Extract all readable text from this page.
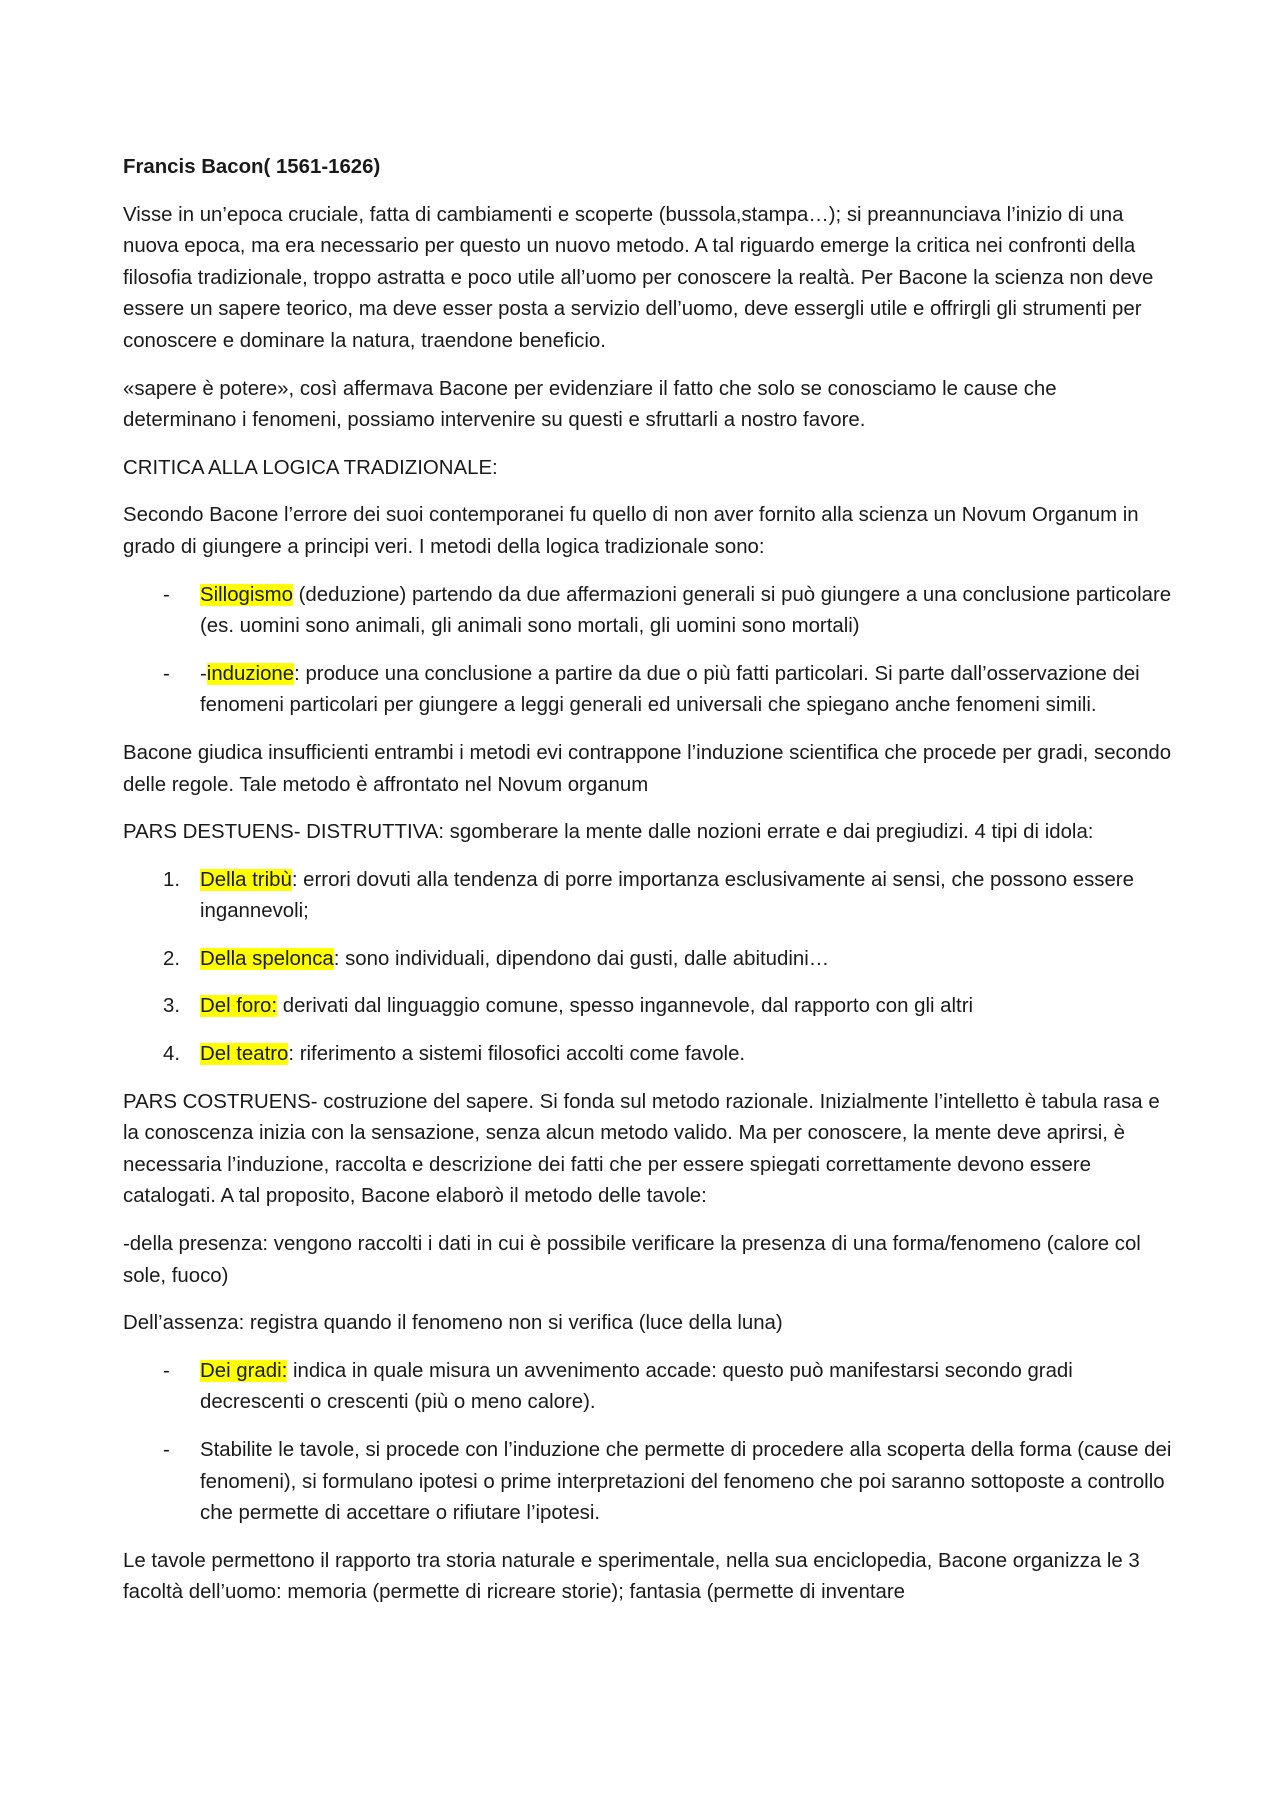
Francis Bacon( 1561-1626)

Visse in un’epoca cruciale, fatta di cambiamenti e scoperte (bussola,stampa…); si preannunciava l’inizio di una nuova epoca, ma era necessario per questo un nuovo metodo. A tal riguardo emerge la critica nei confronti della filosofia tradizionale, troppo astratta e poco utile all’uomo per conoscere la realtà. Per Bacone la scienza non deve essere un sapere teorico, ma deve esser posta a servizio dell’uomo, deve essergli utile e offrirgli gli strumenti per conoscere e dominare la natura, traendone beneficio.

«sapere è potere», così affermava Bacone per evidenziare il fatto che solo se conosciamo le cause che determinano i fenomeni, possiamo intervenire su questi e sfruttarli a nostro favore.

CRITICA ALLA LOGICA TRADIZIONALE:

Secondo Bacone l’errore dei suoi contemporanei fu quello di non aver fornito alla scienza un Novum Organum in grado di giungere a principi veri. I metodi della logica tradizionale sono:

-	Sillogismo (deduzione) partendo da due affermazioni generali si può giungere a una conclusione particolare (es. uomini sono animali, gli animali sono mortali, gli uomini sono mortali)
-	-induzione: produce una conclusione a partire da due o più fatti particolari. Si parte dall’osservazione dei fenomeni particolari per giungere a leggi generali ed universali che spiegano anche fenomeni simili.

Bacone giudica insufficienti entrambi i metodi evi contrappone l’induzione scientifica che procede per gradi, secondo delle regole. Tale metodo è affrontato nel Novum organum

PARS DESTUENS- DISTRUTTIVA: sgomberare la mente dalle nozioni errate e dai pregiudizi. 4 tipi di idola:

1. Della tribù: errori dovuti alla tendenza di porre importanza esclusivamente ai sensi, che possono essere ingannevoli;
2. Della spelonca: sono individuali, dipendono dai gusti, dalle abitudini…
3. Del foro: derivati dal linguaggio comune, spesso ingannevole, dal rapporto con gli altri
4. Del teatro: riferimento a sistemi filosofici accolti come favole.

PARS COSTRUENS- costruzione del sapere. Si fonda sul metodo razionale. Inizialmente l’intelletto è tabula rasa e la conoscenza inizia con la sensazione, senza alcun metodo valido. Ma per conoscere, la mente deve aprirsi, è necessaria l’induzione, raccolta e descrizione dei fatti che per essere spiegati correttamente devono essere catalogati. A tal proposito, Bacone elaborò il metodo delle tavole:

-della presenza: vengono raccolti i dati in cui è possibile verificare la presenza di una forma/fenomeno (calore col sole, fuoco)

Dell’assenza: registra quando il fenomeno non si verifica (luce della luna)

-	Dei gradi: indica in quale misura un avvenimento accade: questo può manifestarsi secondo gradi decrescenti o crescenti (più o meno calore).
-	Stabilite le tavole, si procede con l’induzione che permette di procedere alla scoperta della forma (cause dei fenomeni), si formulano ipotesi o prime interpretazioni del fenomeno che poi saranno sottoposte a controllo che permette di accettare o rifiutare l’ipotesi.

Le tavole permettono il rapporto tra storia naturale e sperimentale, nella sua enciclopedia, Bacone organizza le 3 facoltà dell’uomo: memoria (permette di ricreare storie); fantasia (permette di inventare
